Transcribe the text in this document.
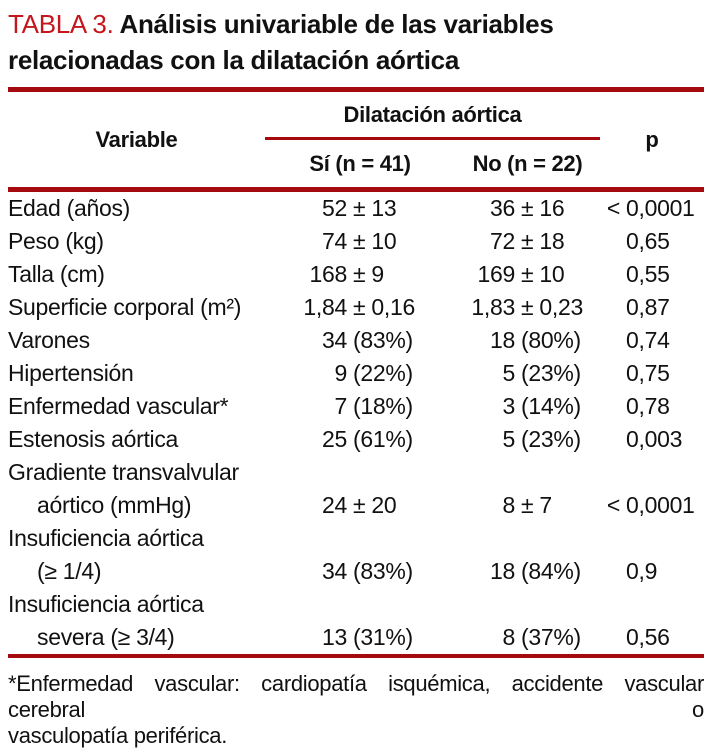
TABLA 3. Análisis univariable de las variables
relacionadas con la dilatación aórtica
Variable
Dilatación aórtica
Sí (n = 41)	No (n = 22)
p
Edad (años)	52 ± 13	36 ± 16	< 0,0001
Peso (kg)	74 ± 10	72 ± 18	0,65
Talla (cm)	168 ± 9	169 ± 10	0,55
Superficie corporal (m²)	1,84 ± 0,16	1,83 ± 0,23	0,87
Varones	34 (83%)	18 (80%)	0,74
Hipertensión	9 (22%)	5 (23%)	0,75
Enfermedad vascular*	7 (18%)	3 (14%)	0,78
Estenosis aórtica	25 (61%)	5 (23%)	0,003
Gradiente transvalvular
aórtico (mmHg)	24 ± 20	8 ± 7	< 0,0001
Insuficiencia aórtica
(≥ 1/4)	34 (83%)	18 (84%)	0,9
Insuficiencia aórtica
severa (≥ 3/4)	13 (31%)	8 (37%)	0,56
*Enfermedad vascular: cardiopatía isquémica, accidente vascular cerebral o
vasculopatía periférica.
